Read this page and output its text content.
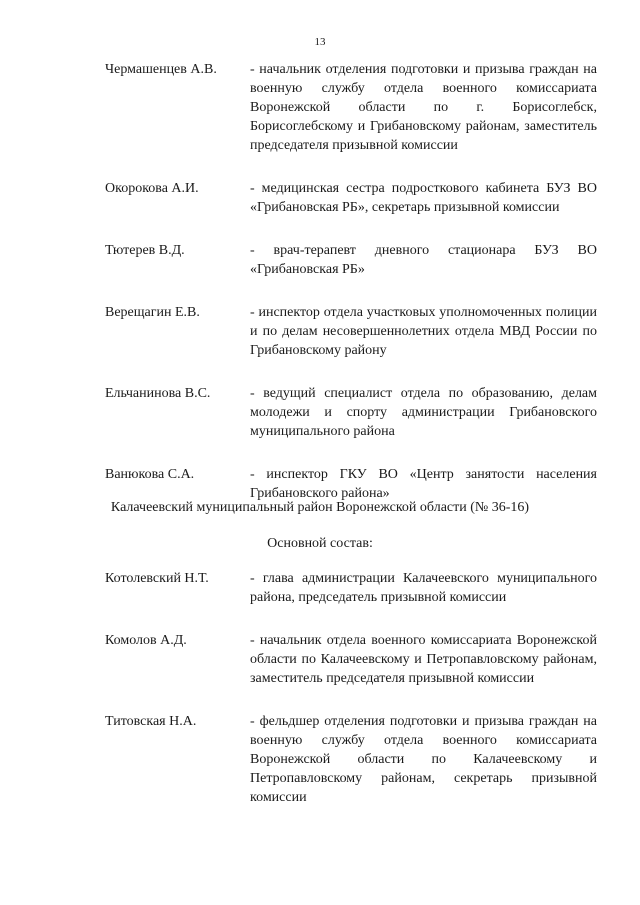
13
Чермашенцев А.В.	- начальник отделения подготовки и призыва граждан на военную службу отдела военного комиссариата Воронежской области по г. Борисоглебск, Борисоглебскому и Грибановскому районам, заместитель председателя призывной комиссии
Окорокова А.И.	- медицинская сестра подросткового кабинета БУЗ ВО «Грибановская РБ», секретарь призывной комиссии
Тютерев В.Д.	- врач-терапевт дневного стационара БУЗ ВО «Грибановская РБ»
Верещагин Е.В.	- инспектор отдела участковых уполномоченных полиции и по делам несовершеннолетних отдела МВД России по Грибановскому району
Ельчанинова В.С.	- ведущий специалист отдела по образованию, делам молодежи и спорту администрации Грибановского муниципального района
Ванюкова С.А.	- инспектор ГКУ ВО «Центр занятости населения Грибановского района»
Калачеевский муниципальный район Воронежской области (№ 36-16)
Основной состав:
Котолевский Н.Т.	- глава администрации Калачеевского муниципального района, председатель призывной комиссии
Комолов А.Д.	- начальник отдела военного комиссариата Воронежской области по Калачеевскому и Петропавловскому районам, заместитель председателя призывной комиссии
Титовская Н.А.	- фельдшер отделения подготовки и призыва граждан на военную службу отдела военного комиссариата Воронежской области по Калачеевскому и Петропавловскому районам, секретарь призывной комиссии
